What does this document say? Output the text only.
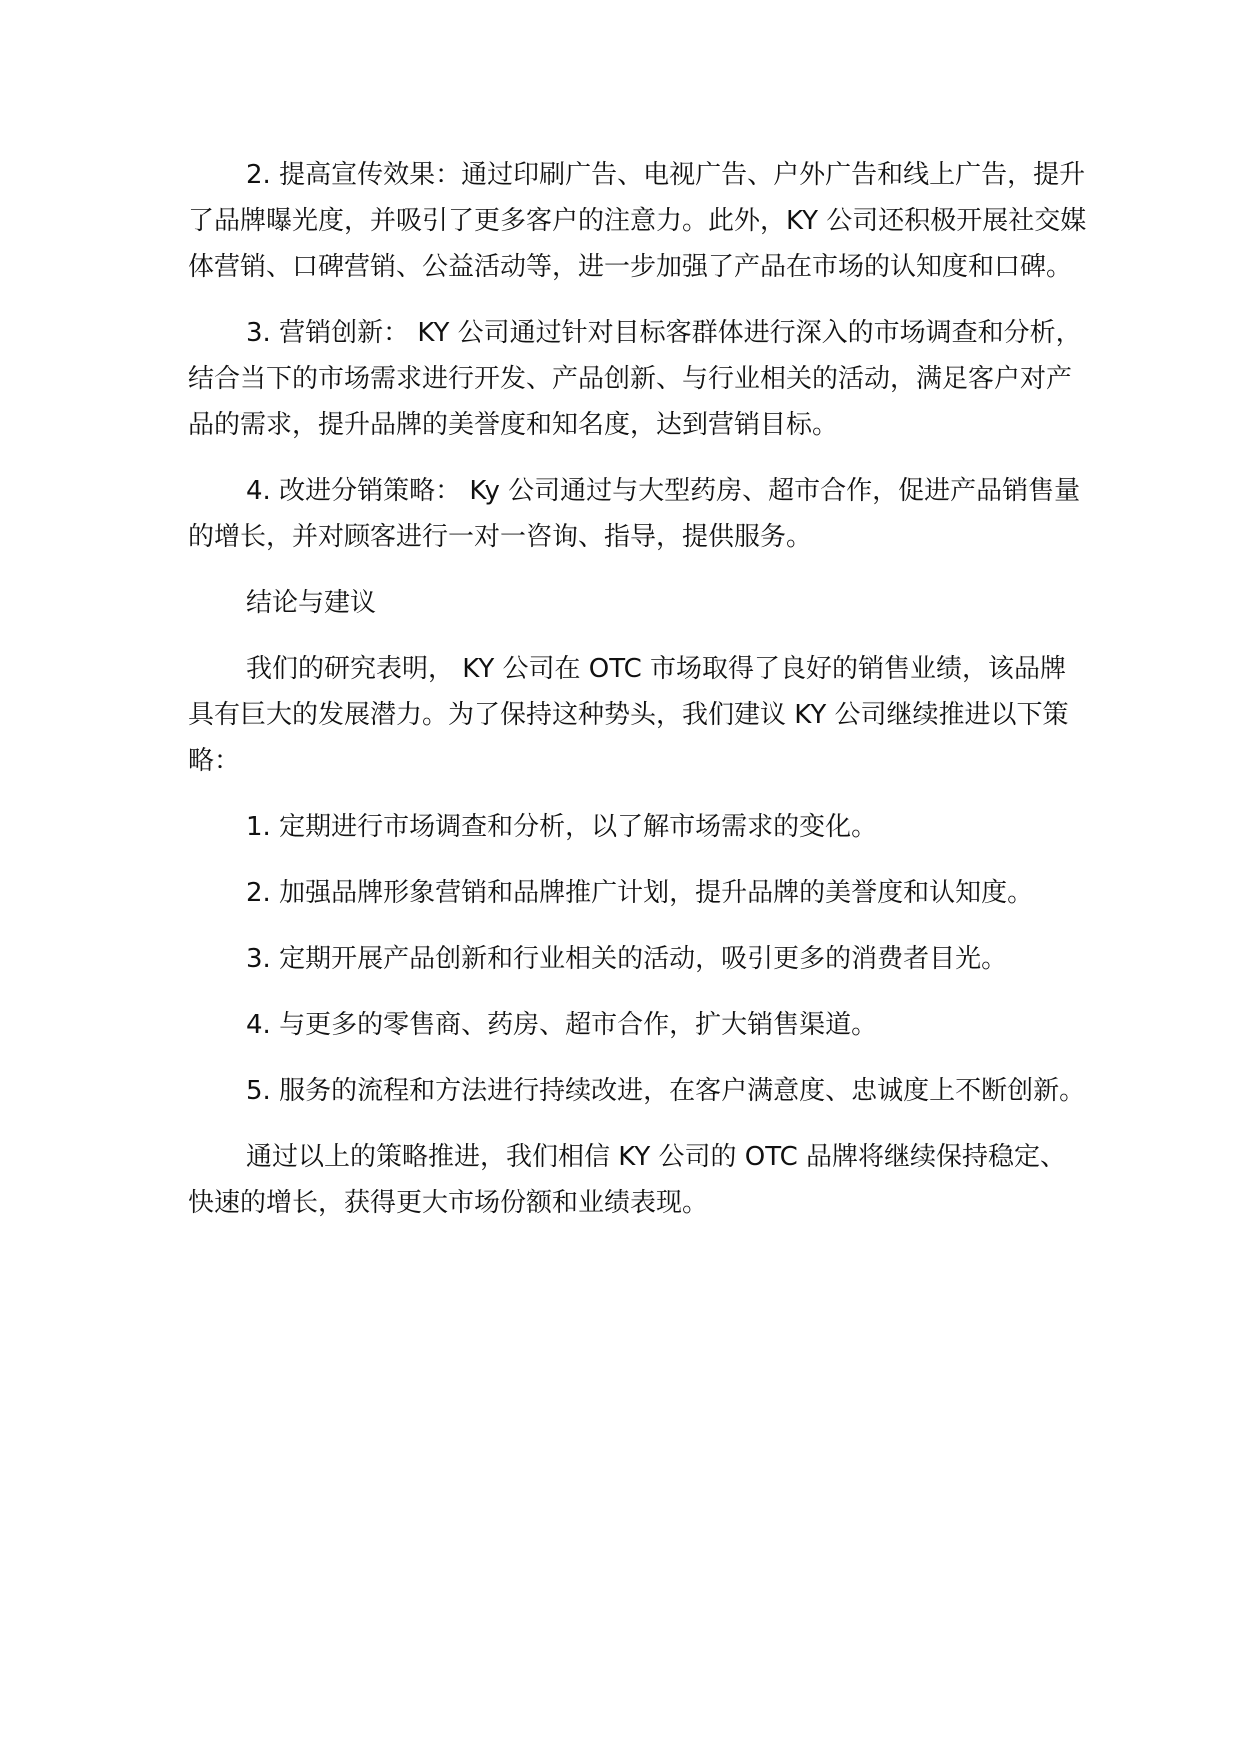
2. 提高宣传效果：通过印刷广告、电视广告、户外广告和线上广告，提升了品牌曝光度，并吸引了更多客户的注意力。此外，KY 公司还积极开展社交媒体营销、口碑营销、公益活动等，进一步加强了产品在市场的认知度和口碑。

3. 营销创新： KY 公司通过针对目标客群体进行深入的市场调查和分析，结合当下的市场需求进行开发、产品创新、与行业相关的活动，满足客户对产品的需求，提升品牌的美誉度和知名度，达到营销目标。

4. 改进分销策略： Ky 公司通过与大型药房、超市合作，促进产品销售量的增长，并对顾客进行一对一咨询、指导，提供服务。

结论与建议

我们的研究表明， KY 公司在 OTC 市场取得了良好的销售业绩，该品牌具有巨大的发展潜力。为了保持这种势头，我们建议 KY 公司继续推进以下策略：

1. 定期进行市场调查和分析，以了解市场需求的变化。

2. 加强品牌形象营销和品牌推广计划，提升品牌的美誉度和认知度。

3. 定期开展产品创新和行业相关的活动，吸引更多的消费者目光。

4. 与更多的零售商、药房、超市合作，扩大销售渠道。

5. 服务的流程和方法进行持续改进，在客户满意度、忠诚度上不断创新。

通过以上的策略推进，我们相信 KY 公司的 OTC 品牌将继续保持稳定、快速的增长，获得更大市场份额和业绩表现。
